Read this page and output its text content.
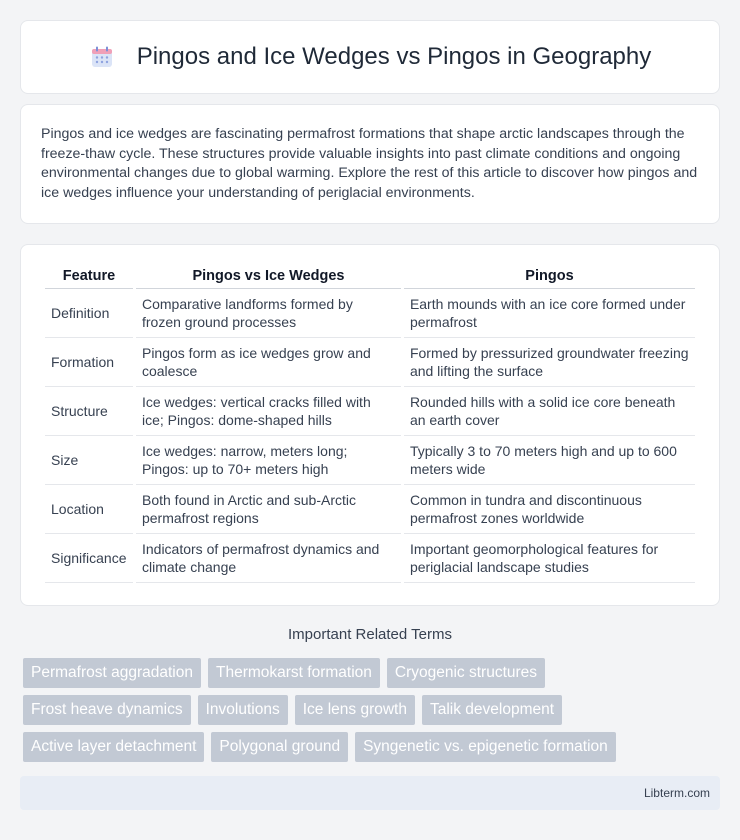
Pingos and Ice Wedges vs Pingos in Geography

Pingos and ice wedges are fascinating permafrost formations that shape arctic landscapes through the freeze-thaw cycle. These structures provide valuable insights into past climate conditions and ongoing environmental changes due to global warming. Explore the rest of this article to discover how pingos and ice wedges influence your understanding of periglacial environments.

Feature	Pingos vs Ice Wedges	Pingos
Definition	Comparative landforms formed by frozen ground processes	Earth mounds with an ice core formed under permafrost
Formation	Pingos form as ice wedges grow and coalesce	Formed by pressurized groundwater freezing and lifting the surface
Structure	Ice wedges: vertical cracks filled with ice; Pingos: dome-shaped hills	Rounded hills with a solid ice core beneath an earth cover
Size	Ice wedges: narrow, meters long; Pingos: up to 70+ meters high	Typically 3 to 70 meters high and up to 600 meters wide
Location	Both found in Arctic and sub-Arctic permafrost regions	Common in tundra and discontinuous permafrost zones worldwide
Significance	Indicators of permafrost dynamics and climate change	Important geomorphological features for periglacial landscape studies
Important Related Terms
Permafrost aggradation	Thermokarst formation	Cryogenic structures
Frost heave dynamics	Involutions	Ice lens growth	Talik development
Active layer detachment	Polygonal ground	Syngenetic vs. epigenetic formation
Libterm.com
